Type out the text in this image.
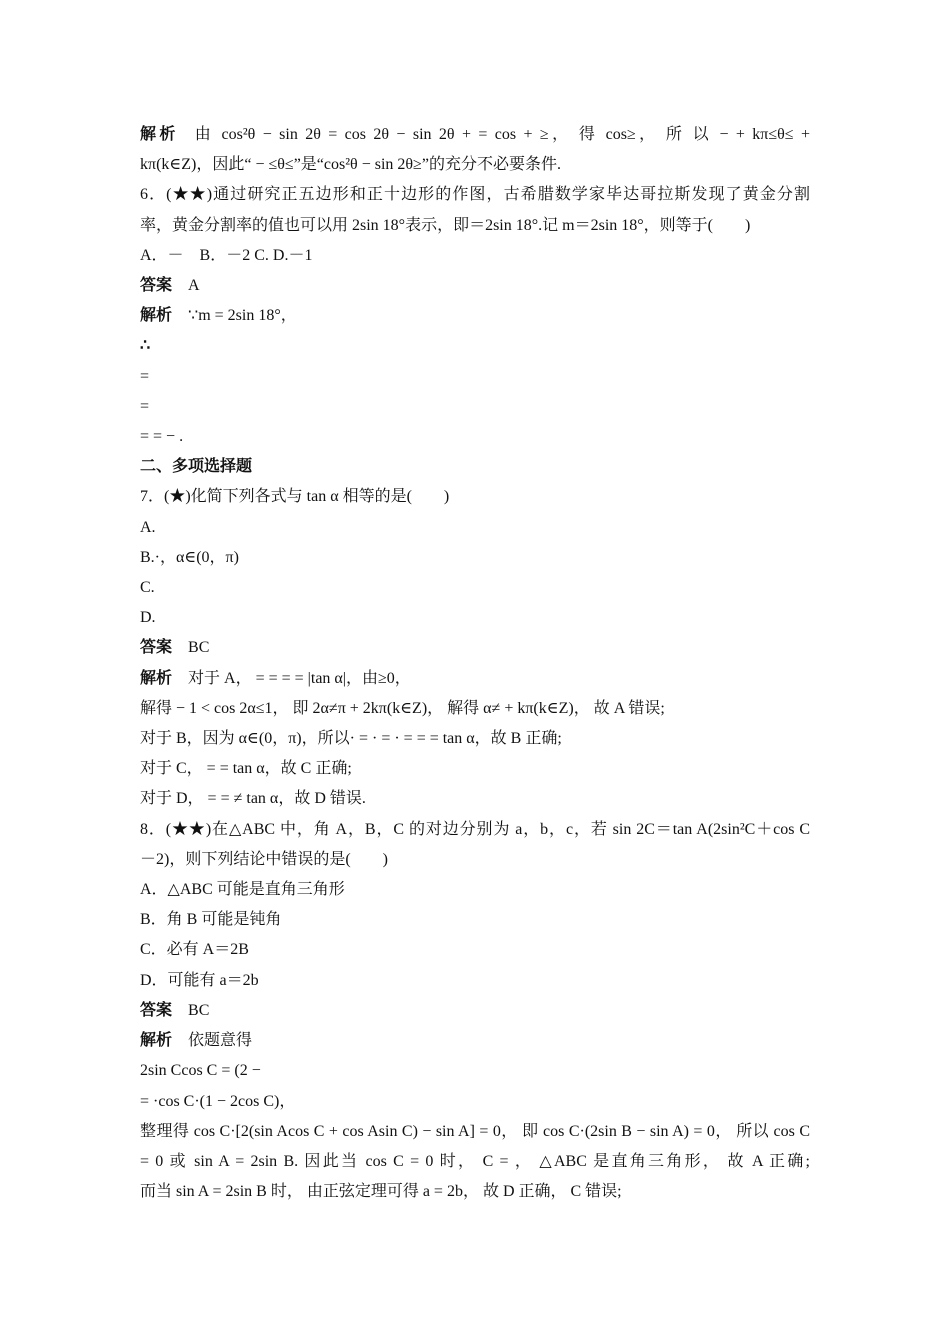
解析 由 cos²θ − sin 2θ = cos 2θ − sin 2θ + = cos + ≥， 得 cos≥， 所 以 − + kπ≤θ≤ +
kπ(k∈Z)，因此“ − ≤θ≤”是“cos²θ − sin 2θ≥”的充分不必要条件.
6．(★★)通过研究正五边形和正十边形的作图，古希腊数学家毕达哥拉斯发现了黄金分割
率，黄金分割率的值也可以用 2sin 18°表示，即＝2sin 18°.记 m＝2sin 18°，则等于(　　)
A．－　B．－2 C. D.－1
答案 A
解析 ∵m = 2sin 18°，
∴
=
=
= = − .
二、多项选择题
7．(★)化简下列各式与 tan α 相等的是(　　)
A.
B.·，α∈(0，π)
C.
D.
答案 BC
解析 对于 A， = = = = |tan α|，由≥0，
解得 − 1 < cos 2α≤1， 即 2α≠π + 2kπ(k∈Z)， 解得 α≠ + kπ(k∈Z)， 故 A 错误;
对于 B，因为 α∈(0，π)，所以· = · = · = = = tan α，故 B 正确;
对于 C， = = tan α，故 C 正确;
对于 D， = = ≠ tan α，故 D 错误.
8．(★★)在△ABC 中，角 A，B，C 的对边分别为 a，b，c，若 sin 2C＝tan A(2sin²C＋cos C
－2)，则下列结论中错误的是(　　)
A．△ABC 可能是直角三角形
B．角 B 可能是钝角
C．必有 A＝2B
D．可能有 a＝2b
答案 BC
解析 依题意得
2sin Ccos C = (2 −
= ·cos C·(1 − 2cos C)，
整理得 cos C·[2(sin Acos C + cos Asin C) − sin A] = 0， 即 cos C·(2sin B − sin A) = 0， 所以 cos C
= 0 或 sin A = 2sin B. 因此当 cos C = 0 时， C = ， △ABC 是直角三角形， 故 A 正确;
而当 sin A = 2sin B 时， 由正弦定理可得 a = 2b， 故 D 正确， C 错误;
